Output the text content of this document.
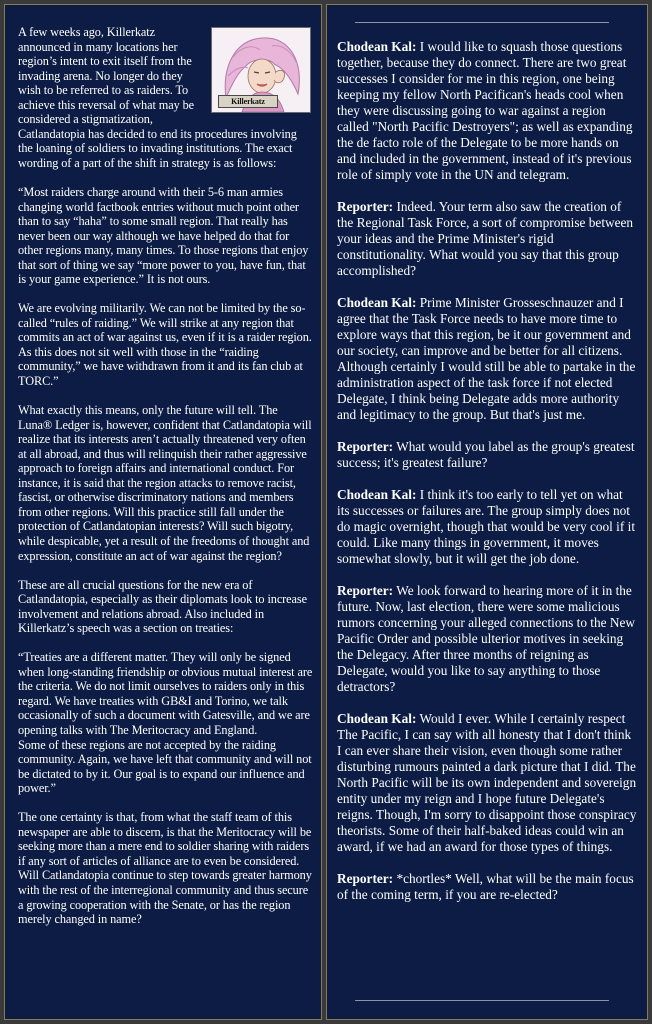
Killerkatz
A few weeks ago, Killerkatz announced in many locations her region’s intent to exit itself from the invading arena. No longer do they wish to be referred to as raiders. To achieve this reversal of what may be considered a stigmatization, Catlandatopia has decided to end its procedures involving the loaning of soldiers to invading institutions. The exact wording of a part of the shift in strategy is as follows:

“Most raiders charge around with their 5-6 man armies changing world factbook entries without much point other than to say “haha” to some small region. That really has never been our way although we have helped do that for other regions many, many times. To those regions that enjoy that sort of thing we say “more power to you, have fun, that is your game experience.” It is not ours.

We are evolving militarily. We can not be limited by the so-called “rules of raiding.” We will strike at any region that commits an act of war against us, even if it is a raider region. As this does not sit well with those in the “raiding community,” we have withdrawn from it and its fan club at TORC.”

What exactly this means, only the future will tell. The Luna® Ledger is, however, confident that Catlandatopia will realize that its interests aren’t actually threatened very often at all abroad, and thus will relinquish their rather aggressive approach to foreign affairs and international conduct. For instance, it is said that the region attacks to remove racist, fascist, or otherwise discriminatory nations and members from other regions. Will this practice still fall under the protection of Catlandatopian interests? Will such bigotry, while despicable, yet a result of the freedoms of thought and expression, constitute an act of war against the region?

These are all crucial questions for the new era of Catlandatopia, especially as their diplomats look to increase involvement and relations abroad. Also included in Killerkatz’s speech was a section on treaties:

“Treaties are a different matter. They will only be signed when long-standing friendship or obvious mutual interest are the criteria. We do not limit ourselves to raiders only in this regard. We have treaties with GB&I and Torino, we talk occasionally of such a document with Gatesville, and we are opening talks with The Meritocracy and England.

Some of these regions are not accepted by the raiding community. Again, we have left that community and will not be dictated to by it. Our goal is to expand our influence and power.”

The one certainty is that, from what the staff team of this newspaper are able to discern, is that the Meritocracy will be seeking more than a mere end to soldier sharing with raiders if any sort of articles of alliance are to even be considered. Will Catlandatopia continue to step towards greater harmony with the rest of the interregional community and thus secure a growing cooperation with the Senate, or has the region merely changed in name?

Chodean Kal: I would like to squash those questions together, because they do connect. There are two great successes I consider for me in this region, one being keeping my fellow North Pacifican's heads cool when they were discussing going to war against a region called "North Pacific Destroyers"; as well as expanding the de facto role of the Delegate to be more hands on and included in the government, instead of it's previous role of simply vote in the UN and telegram.

Reporter: Indeed. Your term also saw the creation of the Regional Task Force, a sort of compromise between your ideas and the Prime Minister's rigid constitutionality. What would you say that this group accomplished?

Chodean Kal: Prime Minister Grosseschnauzer and I agree that the Task Force needs to have more time to explore ways that this region, be it our government and our society, can improve and be better for all citizens. Although certainly I would still be able to partake in the administration aspect of the task force if not elected Delegate, I think being Delegate adds more authority and legitimacy to the group. But that's just me.

Reporter: What would you label as the group's greatest success; it's greatest failure?

Chodean Kal: I think it's too early to tell yet on what its successes or failures are. The group simply does not do magic overnight, though that would be very cool if it could. Like many things in government, it moves somewhat slowly, but it will get the job done.

Reporter: We look forward to hearing more of it in the future. Now, last election, there were some malicious rumors concerning your alleged connections to the New Pacific Order and possible ulterior motives in seeking the Delegacy. After three months of reigning as Delegate, would you like to say anything to those detractors?

Chodean Kal: Would I ever. While I certainly respect The Pacific, I can say with all honesty that I don't think I can ever share their vision, even though some rather disturbing rumours painted a dark picture that I did. The North Pacific will be its own independent and sovereign entity under my reign and I hope future Delegate's reigns. Though, I'm sorry to disappoint those conspiracy theorists. Some of their half-baked ideas could win an award, if we had an award for those types of things.

Reporter: *chortles* Well, what will be the main focus of the coming term, if you are re-elected?
